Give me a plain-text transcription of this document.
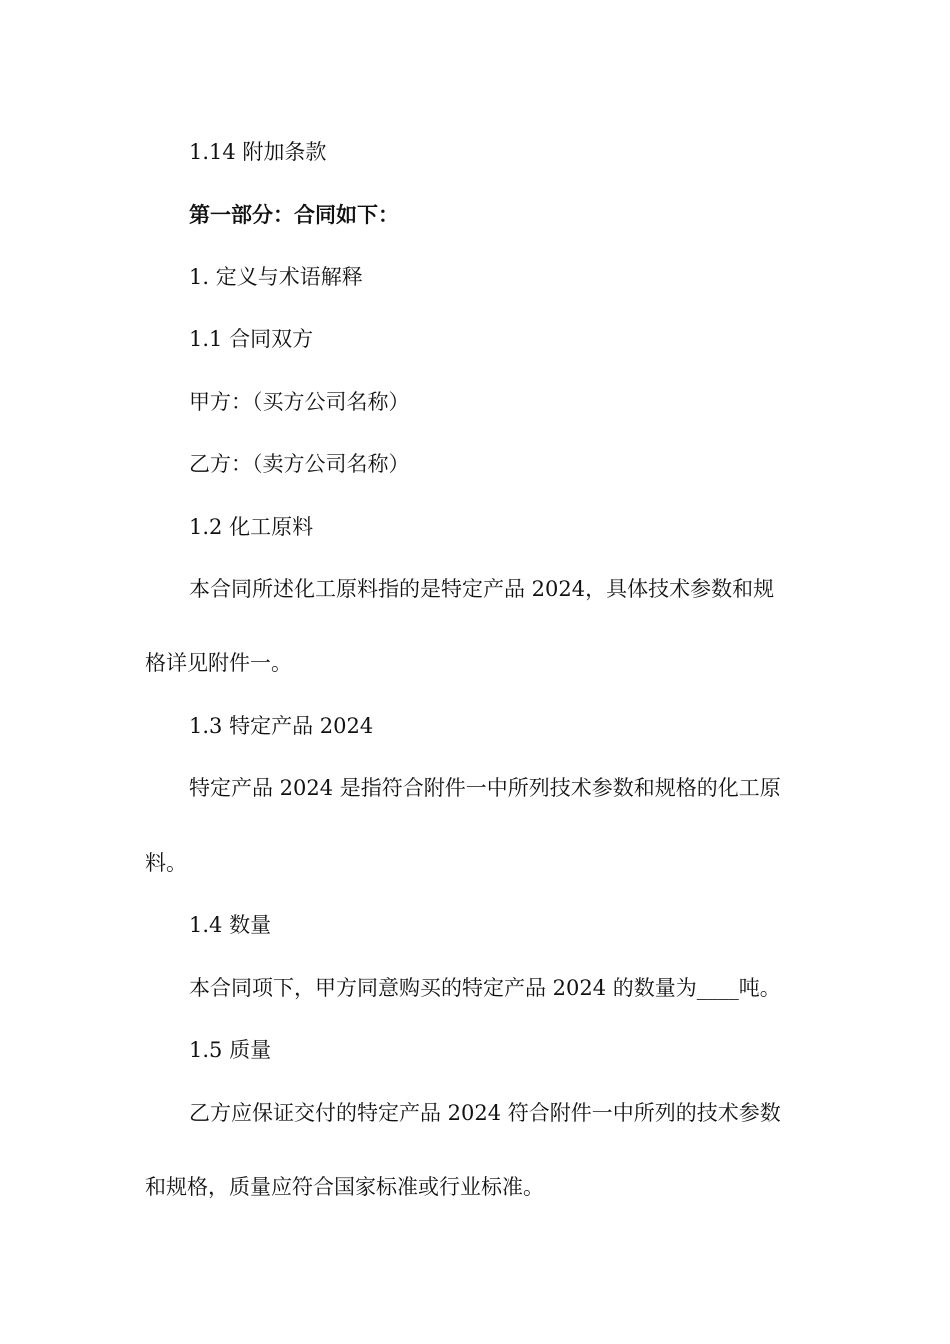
1.14 附加条款
第一部分：合同如下：
1. 定义与术语解释
1.1 合同双方
甲方：（买方公司名称）
乙方：（卖方公司名称）
1.2 化工原料
本合同所述化工原料指的是特定产品 2024，具体技术参数和规
格详见附件一。
1.3 特定产品 2024
特定产品 2024 是指符合附件一中所列技术参数和规格的化工原
料。
1.4 数量
本合同项下，甲方同意购买的特定产品 2024 的数量为____吨。
1.5 质量
乙方应保证交付的特定产品 2024 符合附件一中所列的技术参数
和规格，质量应符合国家标准或行业标准。
